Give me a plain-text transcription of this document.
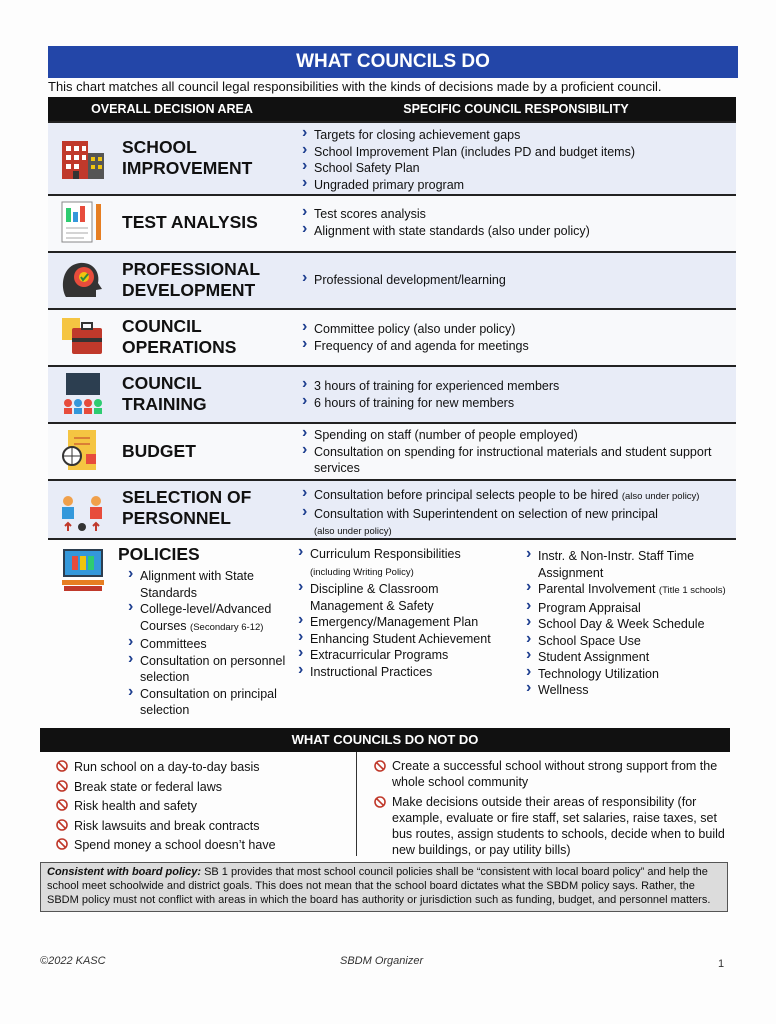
WHAT COUNCILS DO
This chart matches all council legal responsibilities with the kinds of decisions made by a proficient council.
OVERALL DECISION AREA	SPECIFIC COUNCIL RESPONSIBILITY
SCHOOL
IMPROVEMENT
› Targets for closing achievement gaps
› School Improvement Plan (includes PD and budget items)
› School Safety Plan
› Ungraded primary program
TEST ANALYSIS	› Test scores analysis
› Alignment with state standards (also under policy)
PROFESSIONAL
DEVELOPMENT	› Professional development/learning
COUNCIL
OPERATIONS
› Committee policy (also under policy)
› Frequency of and agenda for meetings
COUNCIL
TRAINING
› 3 hours of training for experienced members
› 6 hours of training for new members
BUDGET
› Spending on staff (number of people employed)
› Consultation on spending for instructional materials and student support services
SELECTION OF
PERSONNEL
› Consultation before principal selects people to be hired (also under policy)
› Consultation with Superintendent on selection of new principal
(also under policy)
POLICIES
› Alignment with State Standards
› College-level/Advanced Courses (Secondary 6-12)
› Committees
› Consultation on personnel selection
› Consultation on principal selection
› Curriculum Responsibilities
(including Writing Policy)
› Discipline & Classroom Management & Safety
› Emergency/Management Plan
› Enhancing Student Achievement
› Extracurricular Programs
› Instructional Practices
› Instr. & Non-Instr. Staff Time Assignment
› Parental Involvement (Title 1 schools)
› Program Appraisal
› School Day & Week Schedule
› School Space Use
› Student Assignment
› Technology Utilization
› Wellness
WHAT COUNCILS DO NOT DO
Run school on a day-to-day basis
Break state or federal laws
Risk health and safety
Risk lawsuits and break contracts
Spend money a school doesn’t have
Create a successful school without strong support from the whole school community
Make decisions outside their areas of responsibility (for example, evaluate or fire staff, set salaries, raise taxes, set bus routes, assign students to schools, decide when to build new buildings, or pay utility bills)
Consistent with board policy: SB 1 provides that most school council policies shall be “consistent with local board policy” and help the school meet schoolwide and district goals. This does not mean that the school board dictates what the SBDM policy says. Rather, the SBDM policy must not conflict with areas in which the board has authority or jurisdiction such as funding, budget, and personnel matters.
©2022 KASC	SBDM Organizer	1
